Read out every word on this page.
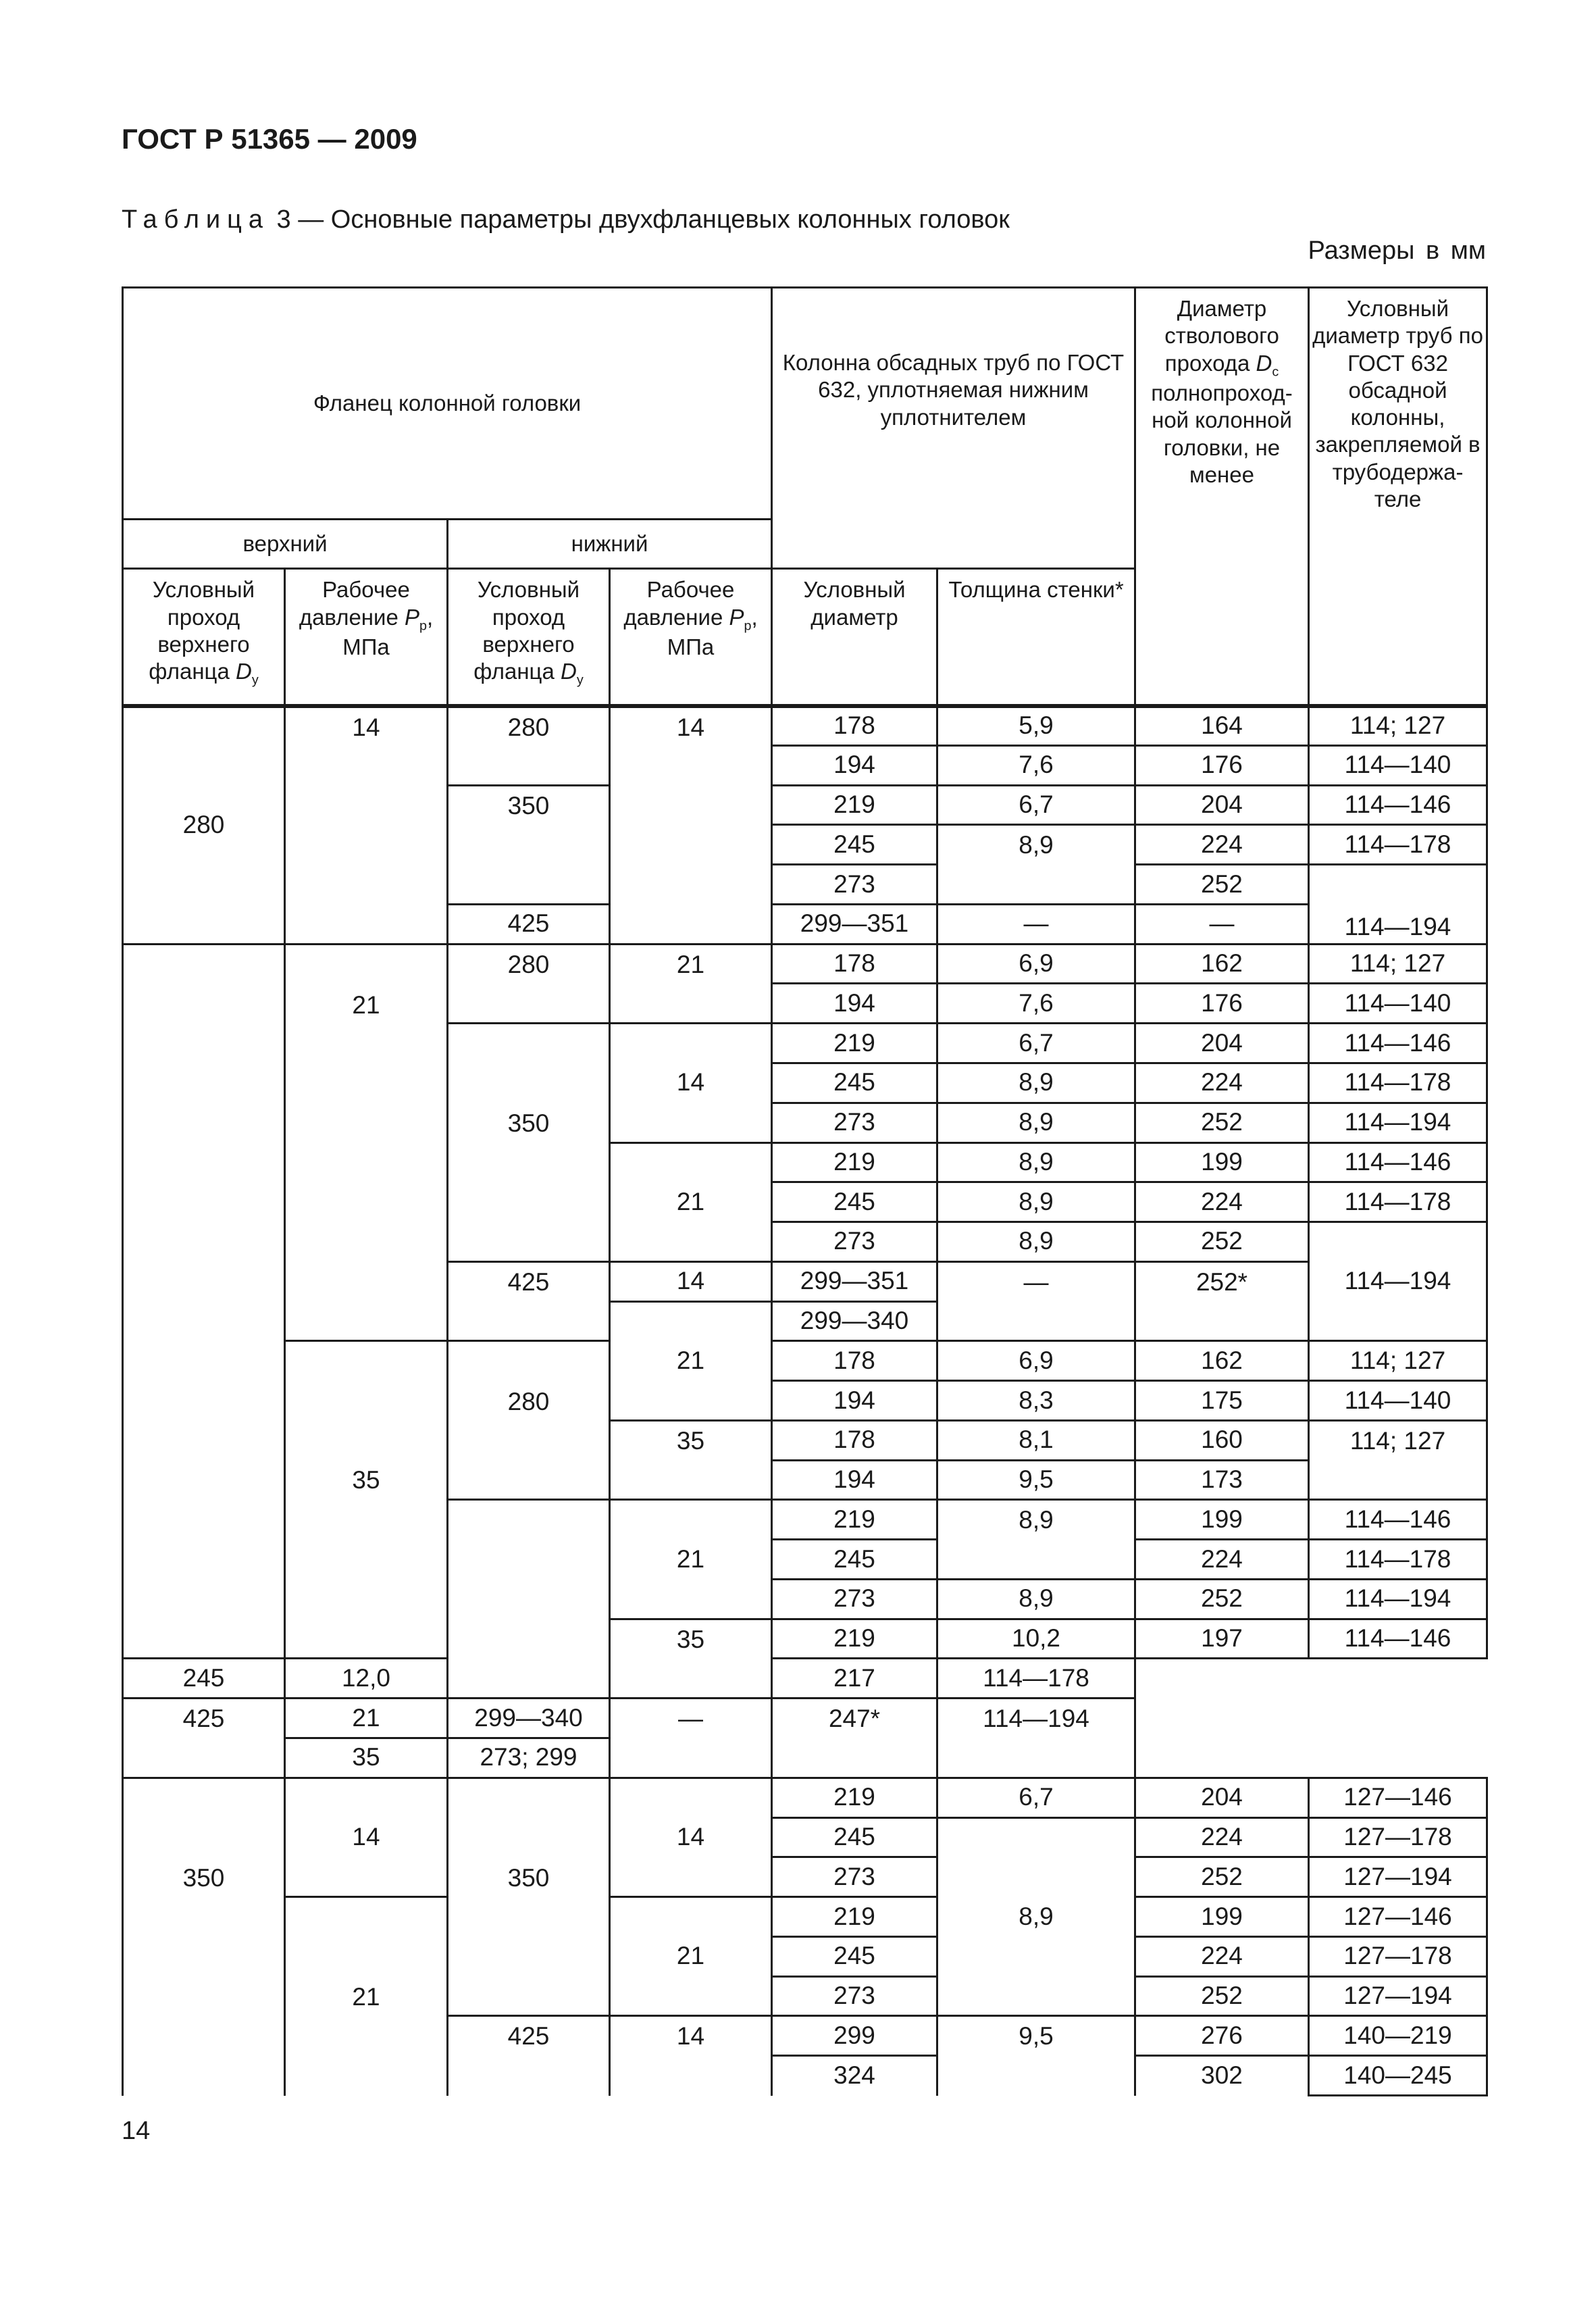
ГОСТ Р 51365 — 2009
Таблица 3 — Основные параметры двухфланцевых колонных головок
Размеры в мм
Фланец колонной головки				Колонна обсадных труб по ГОСТ 632, уплотняемая нижним уплотнителем		Диаметр стволового прохода $D_с$ полнопроход-ной колонной головки, не менее	Условный диаметр труб по ГОСТ 632 обсадной колонны, закрепляемой в трубодержа-теле
верхний		нижний					
Условный проход верхнего фланца $D_у$	Рабочее давление $Р_р$, МПа	Условный проход верхнего фланца $D_у$	Рабочее давление $Р_р$, МПа	Условный диаметр	Толщина стенки*		
280	14	280	14	178	5,9	164	114; 127
				194	7,6	176	114—140
		350		219	6,7	204	114—146
				245	8,9	224	114—178
				273		252	114—194
		425		299—351	—	—	
	21	280	21	178	6,9	162	114; 127
				194	7,6	176	114—140
		350	14	219	6,7	204	114—146
				245	8,9	224	114—178
				273	8,9	252	114—194
			21	219	8,9	199	114—146
				245	8,9	224	114—178
				273	8,9	252	114—194
		425	14	299—351	—	252*	
			21	299—340			
	35	280		178	6,9	162	114; 127
				194	8,3	175	114—140
			35	178	8,1	160	114; 127
				194	9,5	173	
			21	219	8,9	199	114—146
				245		224	114—178
				273	8,9	252	114—194
			35	219	10,2	197	114—146
245	12,0			217	114—178		
425	21	299—340	—	247*	114—194		
	35	273; 299					
350	14	350	14	219	6,7	204	127—146
				245	8,9	224	127—178
				273		252	127—194
	21		21	219		199	127—146
				245		224	127—178
				273		252	127—194
		425	14	299	9,5	276	140—219
				324		302	140—245
14
